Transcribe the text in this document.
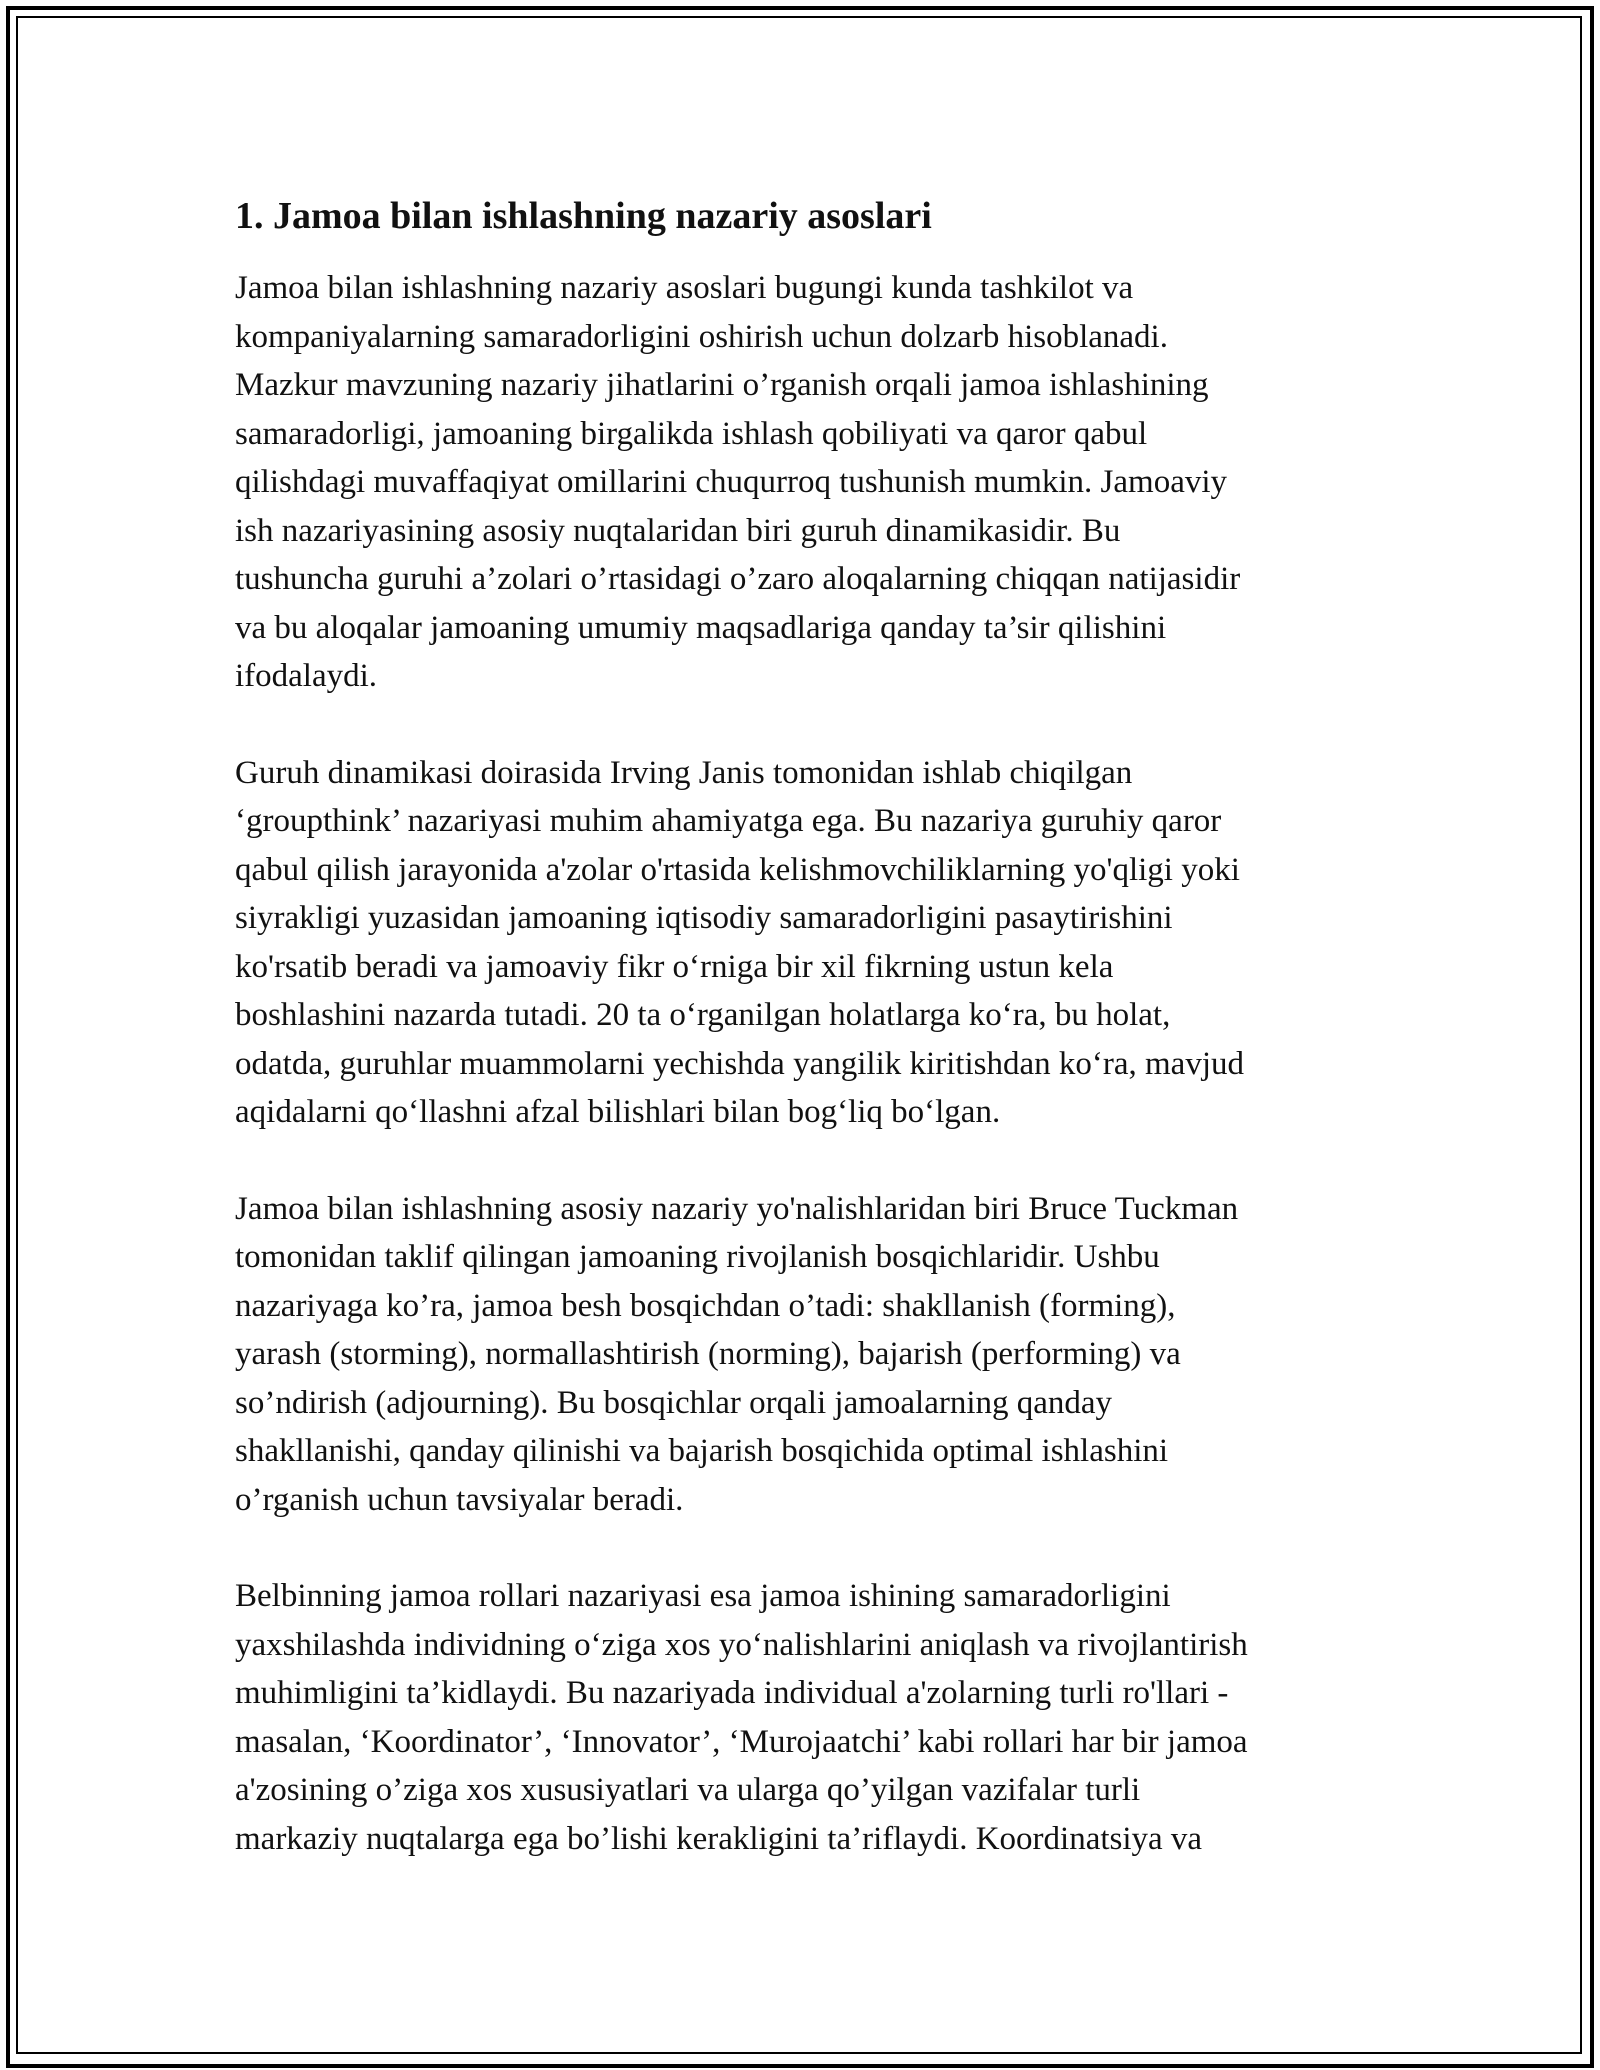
1. Jamoa bilan ishlashning nazariy asoslari
Jamoa bilan ishlashning nazariy asoslari bugungi kunda tashkilot va
kompaniyalarning samaradorligini oshirish uchun dolzarb hisoblanadi.
Mazkur mavzuning nazariy jihatlarini o’rganish orqali jamoa ishlashining
samaradorligi, jamoaning birgalikda ishlash qobiliyati va qaror qabul
qilishdagi muvaffaqiyat omillarini chuqurroq tushunish mumkin. Jamoaviy
ish nazariyasining asosiy nuqtalaridan biri guruh dinamikasidir. Bu
tushuncha guruhi a’zolari o’rtasidagi o’zaro aloqalarning chiqqan natijasidir
va bu aloqalar jamoaning umumiy maqsadlariga qanday ta’sir qilishini
ifodalaydi.
Guruh dinamikasi doirasida Irving Janis tomonidan ishlab chiqilgan
‘groupthink’ nazariyasi muhim ahamiyatga ega. Bu nazariya guruhiy qaror
qabul qilish jarayonida a'zolar o'rtasida kelishmovchiliklarning yo'qligi yoki
siyrakligi yuzasidan jamoaning iqtisodiy samaradorligini pasaytirishini
ko'rsatib beradi va jamoaviy fikr o‘rniga bir xil fikrning ustun kela
boshlashini nazarda tutadi. 20 ta o‘rganilgan holatlarga ko‘ra, bu holat,
odatda, guruhlar muammolarni yechishda yangilik kiritishdan ko‘ra, mavjud
aqidalarni qo‘llashni afzal bilishlari bilan bog‘liq bo‘lgan.
Jamoa bilan ishlashning asosiy nazariy yo'nalishlaridan biri Bruce Tuckman
tomonidan taklif qilingan jamoaning rivojlanish bosqichlaridir. Ushbu
nazariyaga ko’ra, jamoa besh bosqichdan o’tadi: shakllanish (forming),
yarash (storming), normallashtirish (norming), bajarish (performing) va
so’ndirish (adjourning). Bu bosqichlar orqali jamoalarning qanday
shakllanishi, qanday qilinishi va bajarish bosqichida optimal ishlashini
o’rganish uchun tavsiyalar beradi.
Belbinning jamoa rollari nazariyasi esa jamoa ishining samaradorligini
yaxshilashda individning o‘ziga xos yo‘nalishlarini aniqlash va rivojlantirish
muhimligini ta’kidlaydi. Bu nazariyada individual a'zolarning turli ro'llari -
masalan, ‘Koordinator’, ‘Innovator’, ‘Murojaatchi’ kabi rollari har bir jamoa
a'zosining o’ziga xos xususiyatlari va ularga qo’yilgan vazifalar turli
markaziy nuqtalarga ega bo’lishi kerakligini ta’riflaydi. Koordinatsiya va
